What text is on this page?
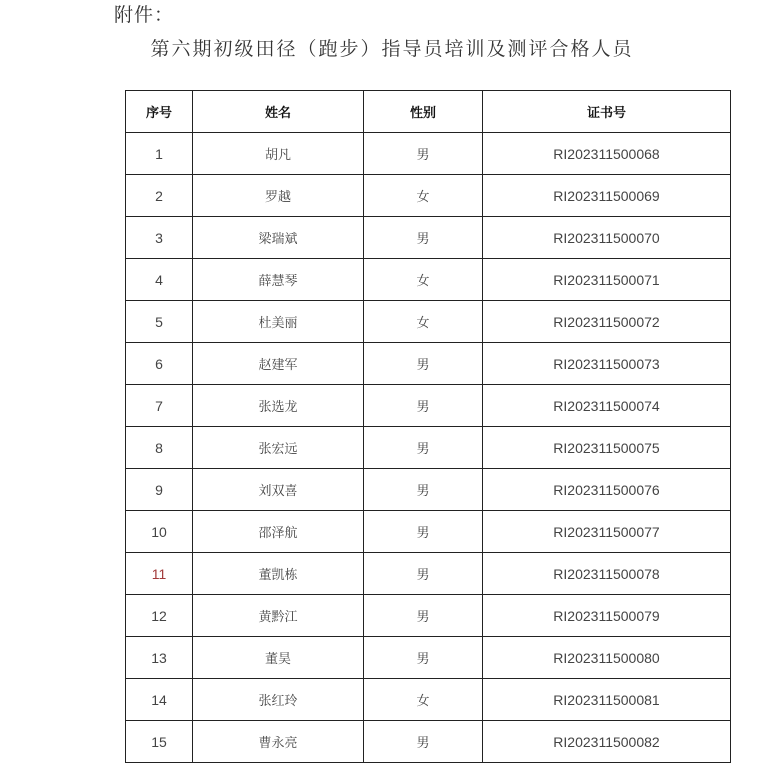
附件：
第六期初级田径（跑步）指导员培训及测评合格人员
序号	姓名	性别	证书号
1	胡凡	男	RI202311500068
2	罗越	女	RI202311500069
3	梁瑞斌	男	RI202311500070
4	薛慧琴	女	RI202311500071
5	杜美丽	女	RI202311500072
6	赵建军	男	RI202311500073
7	张选龙	男	RI202311500074
8	张宏远	男	RI202311500075
9	刘双喜	男	RI202311500076
10	邵泽航	男	RI202311500077
11	董凯栋	男	RI202311500078
12	黄黔江	男	RI202311500079
13	董昊	男	RI202311500080
14	张红玲	女	RI202311500081
15	曹永亮	男	RI202311500082
